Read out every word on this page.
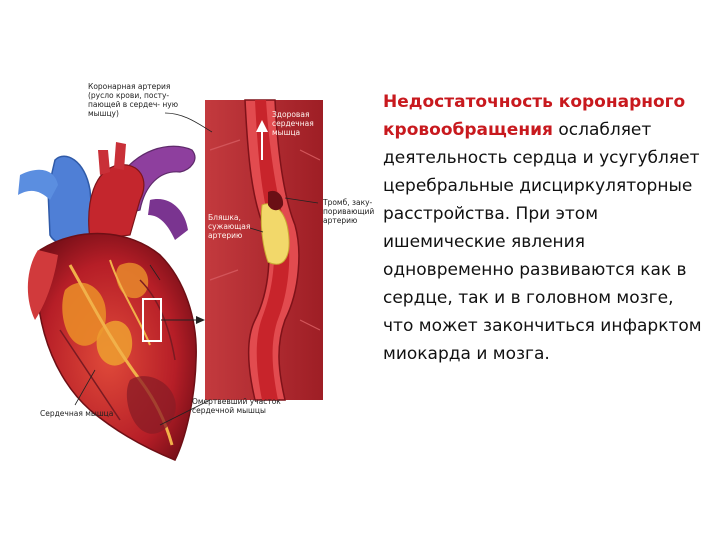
Коронарная артерия (русло крови, посту- пающей в сердеч- ную мышцу)	Здоровая сердечная мышца
Бляшка, сужающая артерию
Тромб, заку- поривающий артерию
Сердечная мышца
Омертвевший участок сердечной мышцы
Недостаточность коронарного кровообращения ослабляет деятельность сердца и усугубляет церебральные дисциркуляторные расстройства. При этом ишемические явления одновременно развиваются как в сердце, так и в головном мозге, что может закончиться инфарктом миокарда и мозга.
